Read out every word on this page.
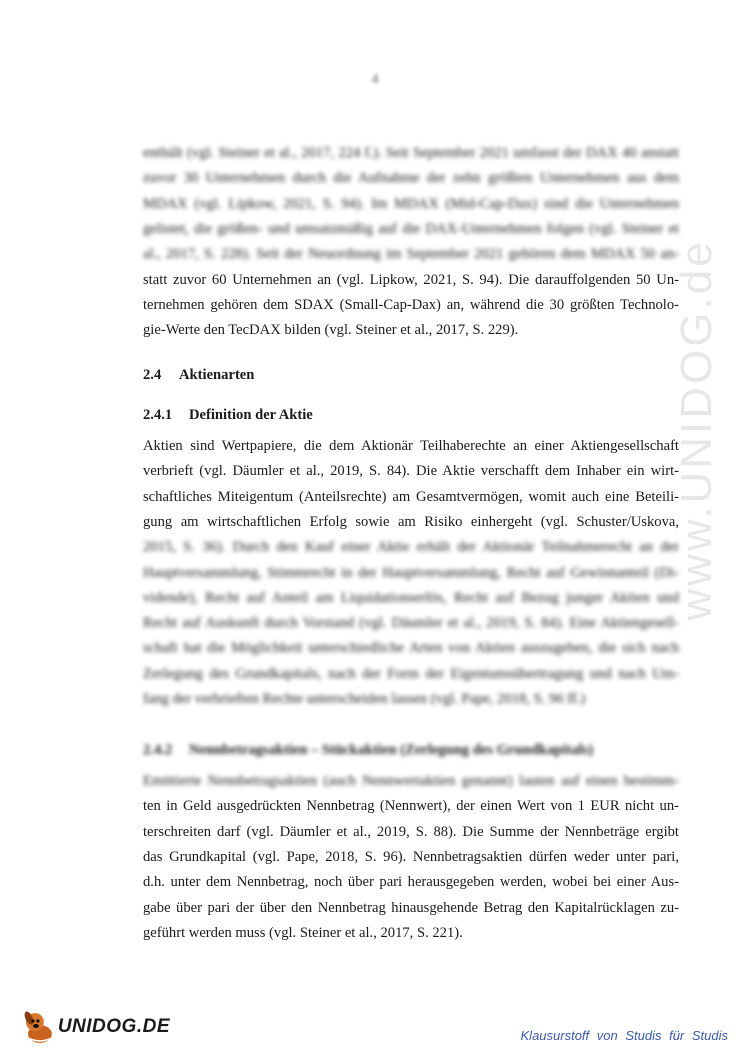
4
enthält (vgl. Steiner et al., 2017, 224 f.). Seit September 2021 umfasst der DAX 40 anstatt
zuvor 30 Unternehmen durch die Aufnahme der zehn größten Unternehmen aus dem
MDAX (vgl. Lipkow, 2021, S. 94). Im MDAX (Mid-Cap-Dax) sind die Unternehmen
gelistet, die größen- und umsatzmäßig auf die DAX-Unternehmen folgen (vgl. Steiner et
al., 2017, S. 228). Seit der Neuordnung im September 2021 gehören dem MDAX 50 an-
statt zuvor 60 Unternehmen an (vgl. Lipkow, 2021, S. 94). Die darauffolgenden 50 Un-
ternehmen gehören dem SDAX (Small-Cap-Dax) an, während die 30 größten Technolo-
gie-Werte den TecDAX bilden (vgl. Steiner et al., 2017, S. 229).
2.4 Aktienarten
2.4.1 Definition der Aktie
Aktien sind Wertpapiere, die dem Aktionär Teilhaberechte an einer Aktiengesellschaft
verbrieft (vgl. Däumler et al., 2019, S. 84). Die Aktie verschafft dem Inhaber ein wirt-
schaftliches Miteigentum (Anteilsrechte) am Gesamtvermögen, womit auch eine Beteili-
gung am wirtschaftlichen Erfolg sowie am Risiko einhergeht (vgl. Schuster/Uskova,
2015, S. 36). Durch den Kauf einer Aktie erhält der Aktionär Teilnahmerecht an der
Hauptversammlung, Stimmrecht in der Hauptversammlung, Recht auf Gewinnanteil (Di-
vidende), Recht auf Anteil am Liquidationserlös, Recht auf Bezug junger Aktien und
Recht auf Auskunft durch Vorstand (vgl. Däumler et al., 2019, S. 84). Eine Aktiengesell-
schaft hat die Möglichkeit unterschiedliche Arten von Aktien auszugeben, die sich nach
Zerlegung des Grundkapitals, nach der Form der Eigentumsübertragung und nach Um-
fang der verbrieften Rechte unterscheiden lassen (vgl. Pape, 2018, S. 96 ff.)
2.4.2 Nennbetragsaktien – Stückaktien (Zerlegung des Grundkapitals)
Emittierte Nennbetragsaktien (auch Nennwertaktien genannt) lauten auf einen bestimm-
ten in Geld ausgedrückten Nennbetrag (Nennwert), der einen Wert von 1 EUR nicht un-
terschreiten darf (vgl. Däumler et al., 2019, S. 88). Die Summe der Nennbeträge ergibt
das Grundkapital (vgl. Pape, 2018, S. 96). Nennbetragsaktien dürfen weder unter pari,
d.h. unter dem Nennbetrag, noch über pari herausgegeben werden, wobei bei einer Aus-
gabe über pari der über den Nennbetrag hinausgehende Betrag den Kapitalrücklagen zu-
geführt werden muss (vgl. Steiner et al., 2017, S. 221).
www.UNIDOG.de
UNIDOG.DE	Klausurstoff von Studis für Studis
